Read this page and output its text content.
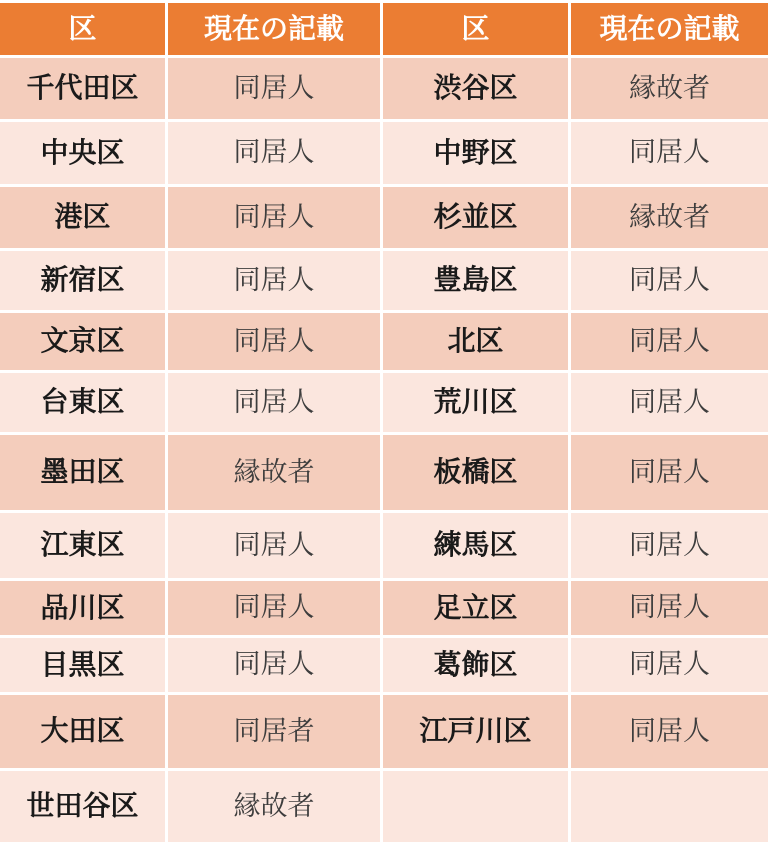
区	現在の記載	区	現在の記載
千代田区	同居人	渋谷区	縁故者
中央区	同居人	中野区	同居人
港区	同居人	杉並区	縁故者
新宿区	同居人	豊島区	同居人
文京区	同居人	北区	同居人
台東区	同居人	荒川区	同居人
墨田区	縁故者	板橋区	同居人
江東区	同居人	練馬区	同居人
品川区	同居人	足立区	同居人
目黒区	同居人	葛飾区	同居人
大田区	同居者	江戸川区	同居人
世田谷区	縁故者
